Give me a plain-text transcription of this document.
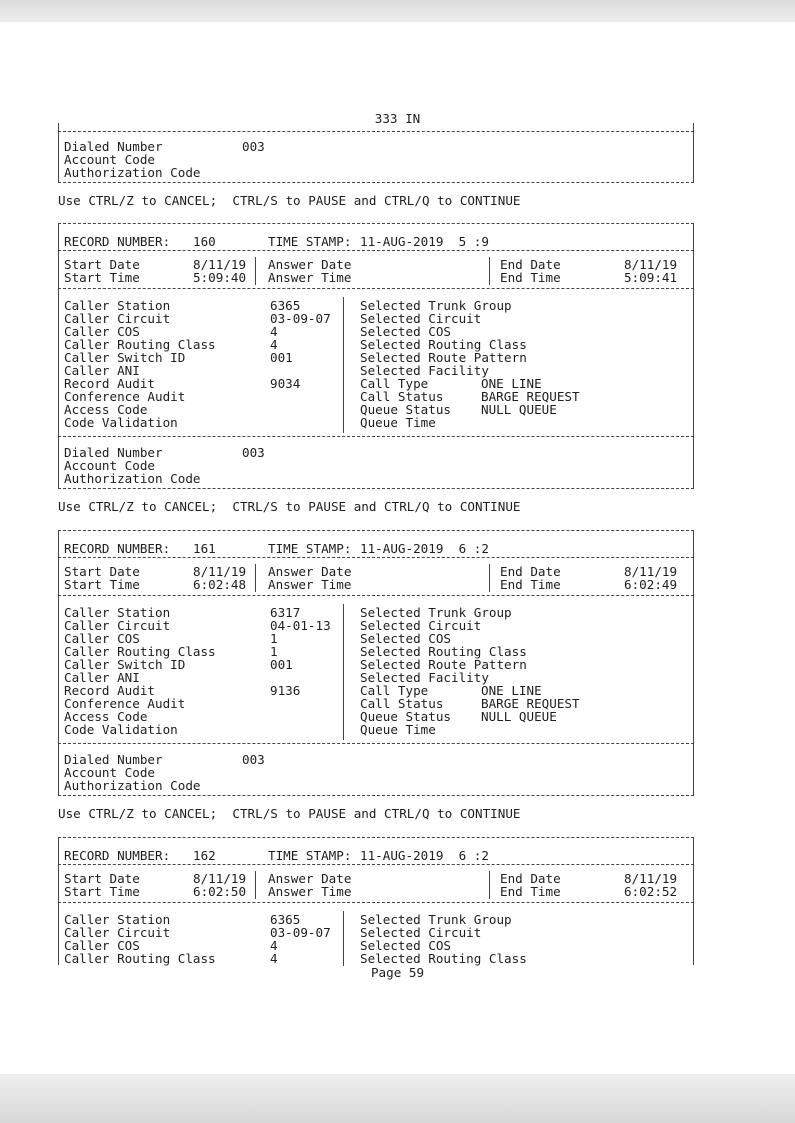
333 IN
Dialed Number	003
Account Code
Authorization Code
Use CTRL/Z to CANCEL;  CTRL/S to PAUSE and CTRL/Q to CONTINUE
RECORD NUMBER: 160	TIME STAMP: 11-AUG-2019  5 :9
Start Date	8/11/19 Answer Date	End Date	8/11/19
Start Time	5:09:40 Answer Time	End Time	5:09:41
Caller Station	6365	Selected Trunk Group
Caller Circuit	03-09-07 Selected Circuit
Caller COS	4	Selected COS
Caller Routing Class	4	Selected Routing Class
Caller Switch ID	001	Selected Route Pattern
Caller ANI	Selected Facility
Record Audit	9034	Call Type	ONE LINE
Conference Audit	Call Status	BARGE REQUEST
Access Code	Queue Status NULL QUEUE
Code Validation	Queue Time
Dialed Number	003
Account Code
Authorization Code
Use CTRL/Z to CANCEL;  CTRL/S to PAUSE and CTRL/Q to CONTINUE
RECORD NUMBER: 161	TIME STAMP: 11-AUG-2019  6 :2
Start Date	8/11/19 Answer Date	End Date	8/11/19
Start Time	6:02:48 Answer Time	End Time	6:02:49
Caller Station	6317	Selected Trunk Group
Caller Circuit	04-01-13 Selected Circuit
Caller COS	1	Selected COS
Caller Routing Class	1	Selected Routing Class
Caller Switch ID	001	Selected Route Pattern
Caller ANI	Selected Facility
Record Audit	9136	Call Type	ONE LINE
Conference Audit	Call Status	BARGE REQUEST
Access Code	Queue Status NULL QUEUE
Code Validation	Queue Time
Dialed Number	003
Account Code
Authorization Code
Use CTRL/Z to CANCEL;  CTRL/S to PAUSE and CTRL/Q to CONTINUE
RECORD NUMBER: 162	TIME STAMP: 11-AUG-2019  6 :2
Start Date	8/11/19 Answer Date	End Date	8/11/19
Start Time	6:02:50 Answer Time	End Time	6:02:52
Caller Station	6365	Selected Trunk Group
Caller Circuit	03-09-07 Selected Circuit
Caller COS	4	Selected COS
Caller Routing Class	4	Selected Routing Class
Page 59
